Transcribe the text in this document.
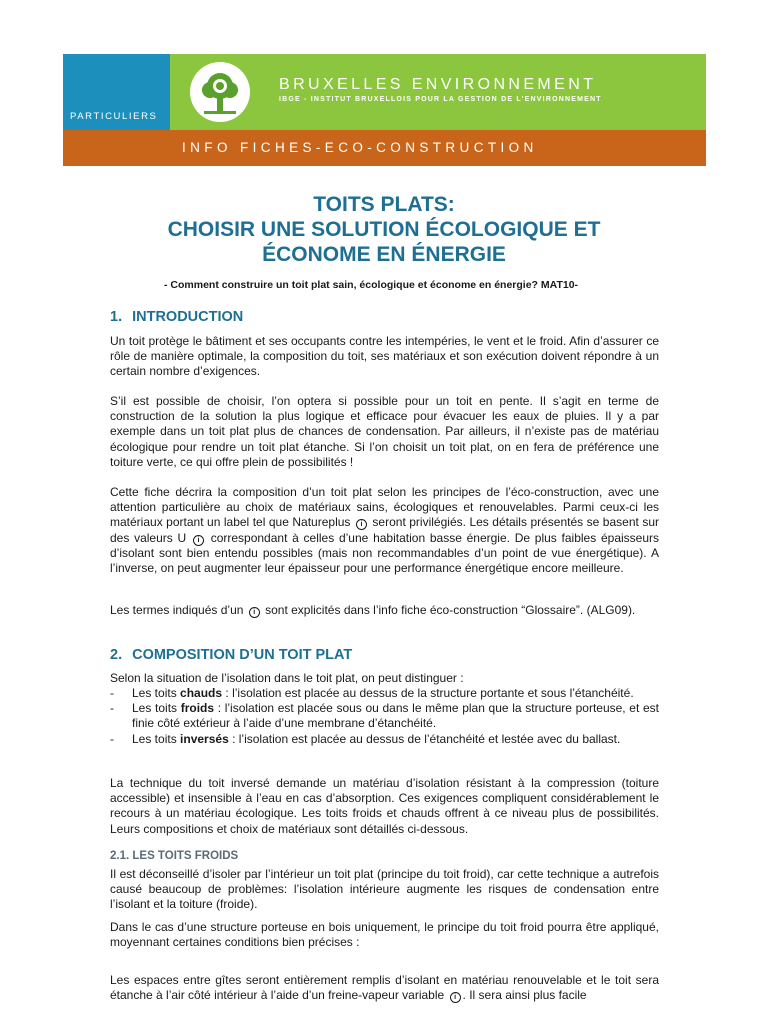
PARTICULIERS
BRUXELLES ENVIRONNEMENT
IBGE - INSTITUT BRUXELLOIS POUR LA GESTION DE L'ENVIRONNEMENT
INFO FICHES-ECO-CONSTRUCTION
TOITS PLATS:
CHOISIR UNE SOLUTION ÉCOLOGIQUE ET
ÉCONOME EN ÉNERGIE

- Comment construire un toit plat sain, écologique et économe en énergie? MAT10-

1. INTRODUCTION

Un toit protège le bâtiment et ses occupants contre les intempéries, le vent et le froid. Afin d’assurer ce rôle de manière optimale, la composition du toit, ses matériaux et son exécution doivent répondre à un certain nombre d’exigences.

S’il est possible de choisir, l’on optera si possible pour un toit en pente. Il s’agit en terme de construction de la solution la plus logique et efficace pour évacuer les eaux de pluies. Il y a par exemple dans un toit plat plus de chances de condensation. Par ailleurs, il n’existe pas de matériau écologique pour rendre un toit plat étanche. Si l’on choisit un toit plat, on en fera de préférence une toiture verte, ce qui offre plein de possibilités !

Cette fiche décrira la composition d’un toit plat selon les principes de l’éco-construction, avec une attention particulière au choix de matériaux sains, écologiques et renouvelables. Parmi ceux-ci les matériaux portant un label tel que Natureplus i seront privilégiés. Les détails présentés se basent sur des valeurs U i correspondant à celles d’une habitation basse énergie. De plus faibles épaisseurs d’isolant sont bien entendu possibles (mais non recommandables d’un point de vue énergétique). A l’inverse, on peut augmenter leur épaisseur pour une performance énergétique encore meilleure.

Les termes indiqués d’un i sont explicités dans l’info fiche éco-construction “Glossaire”. (ALG09).

2. COMPOSITION D’UN TOIT PLAT

Selon la situation de l’isolation dans le toit plat, on peut distinguer :

- Les toits chauds : l’isolation est placée au dessus de la structure portante et sous l’étanchéité.
- Les toits froids : l’isolation est placée sous ou dans le même plan que la structure porteuse, et est finie côté extérieur à l’aide d’une membrane d’étanchéité.
- Les toits inversés : l’isolation est placée au dessus de l’étanchéité et lestée avec du ballast.

La technique du toit inversé demande un matériau d’isolation résistant à la compression (toiture accessible) et insensible à l’eau en cas d’absorption. Ces exigences compliquent considérablement le recours à un matériau écologique. Les toits froids et chauds offrent à ce niveau plus de possibilités. Leurs compositions et choix de matériaux sont détaillés ci-dessous.

2.1. LES TOITS FROIDS

Il est déconseillé d’isoler par l’intérieur un toit plat (principe du toit froid), car cette technique a autrefois causé beaucoup de problèmes: l’isolation intérieure augmente les risques de condensation entre l’isolant et la toiture (froide).

Dans le cas d’une structure porteuse en bois uniquement, le principe du toit froid pourra être appliqué, moyennant certaines conditions bien précises :

Les espaces entre gîtes seront entièrement remplis d’isolant en matériau renouvelable et le toit sera étanche à l’air côté intérieur à l’aide d’un freine-vapeur variable i . Il sera ainsi plus facile
